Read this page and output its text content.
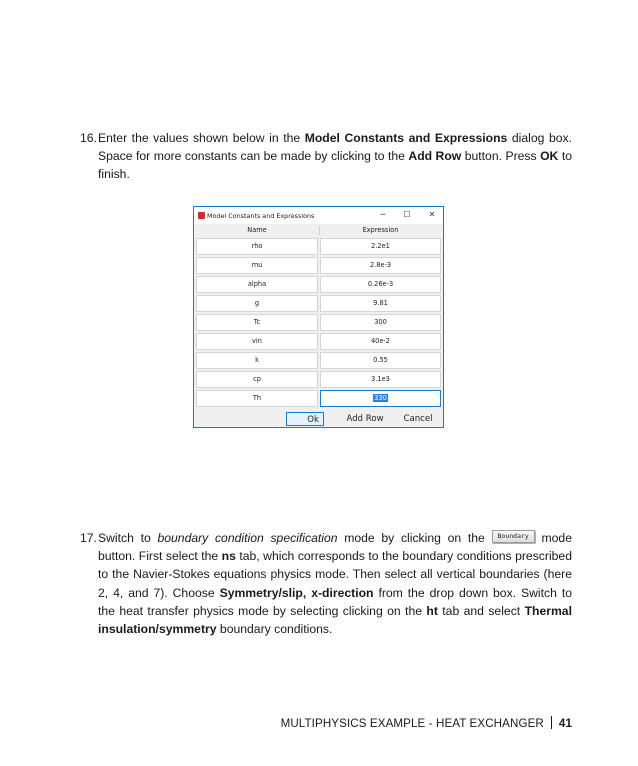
16. Enter the values shown below in the Model Constants and Expressions dialog box. Space for more constants can be made by clicking to the Add Row button. Press OK to finish.
Model Constants and Expressions	─	☐	✕
Name	Expression
rho	2.2e1
mu	2.8e-3
alpha	0.26e-3
g	9.81
Tc	300
vin	40e-2
k	0.55
cp	3.1e3
Th	330
Ok	Add Row	Cancel
17. Switch to boundary condition specification mode by clicking on the Boundary mode button. First select the ns tab, which corresponds to the boundary conditions prescribed to the Navier-Stokes equations physics mode. Then select all vertical boundaries (here 2, 4, and 7). Choose Symmetry/slip, x-direction from the drop down box. Switch to the heat transfer physics mode by selecting clicking on the ht tab and select Thermal insulation/symmetry boundary conditions.
MULTIPHYSICS EXAMPLE - HEAT EXCHANGER 41
